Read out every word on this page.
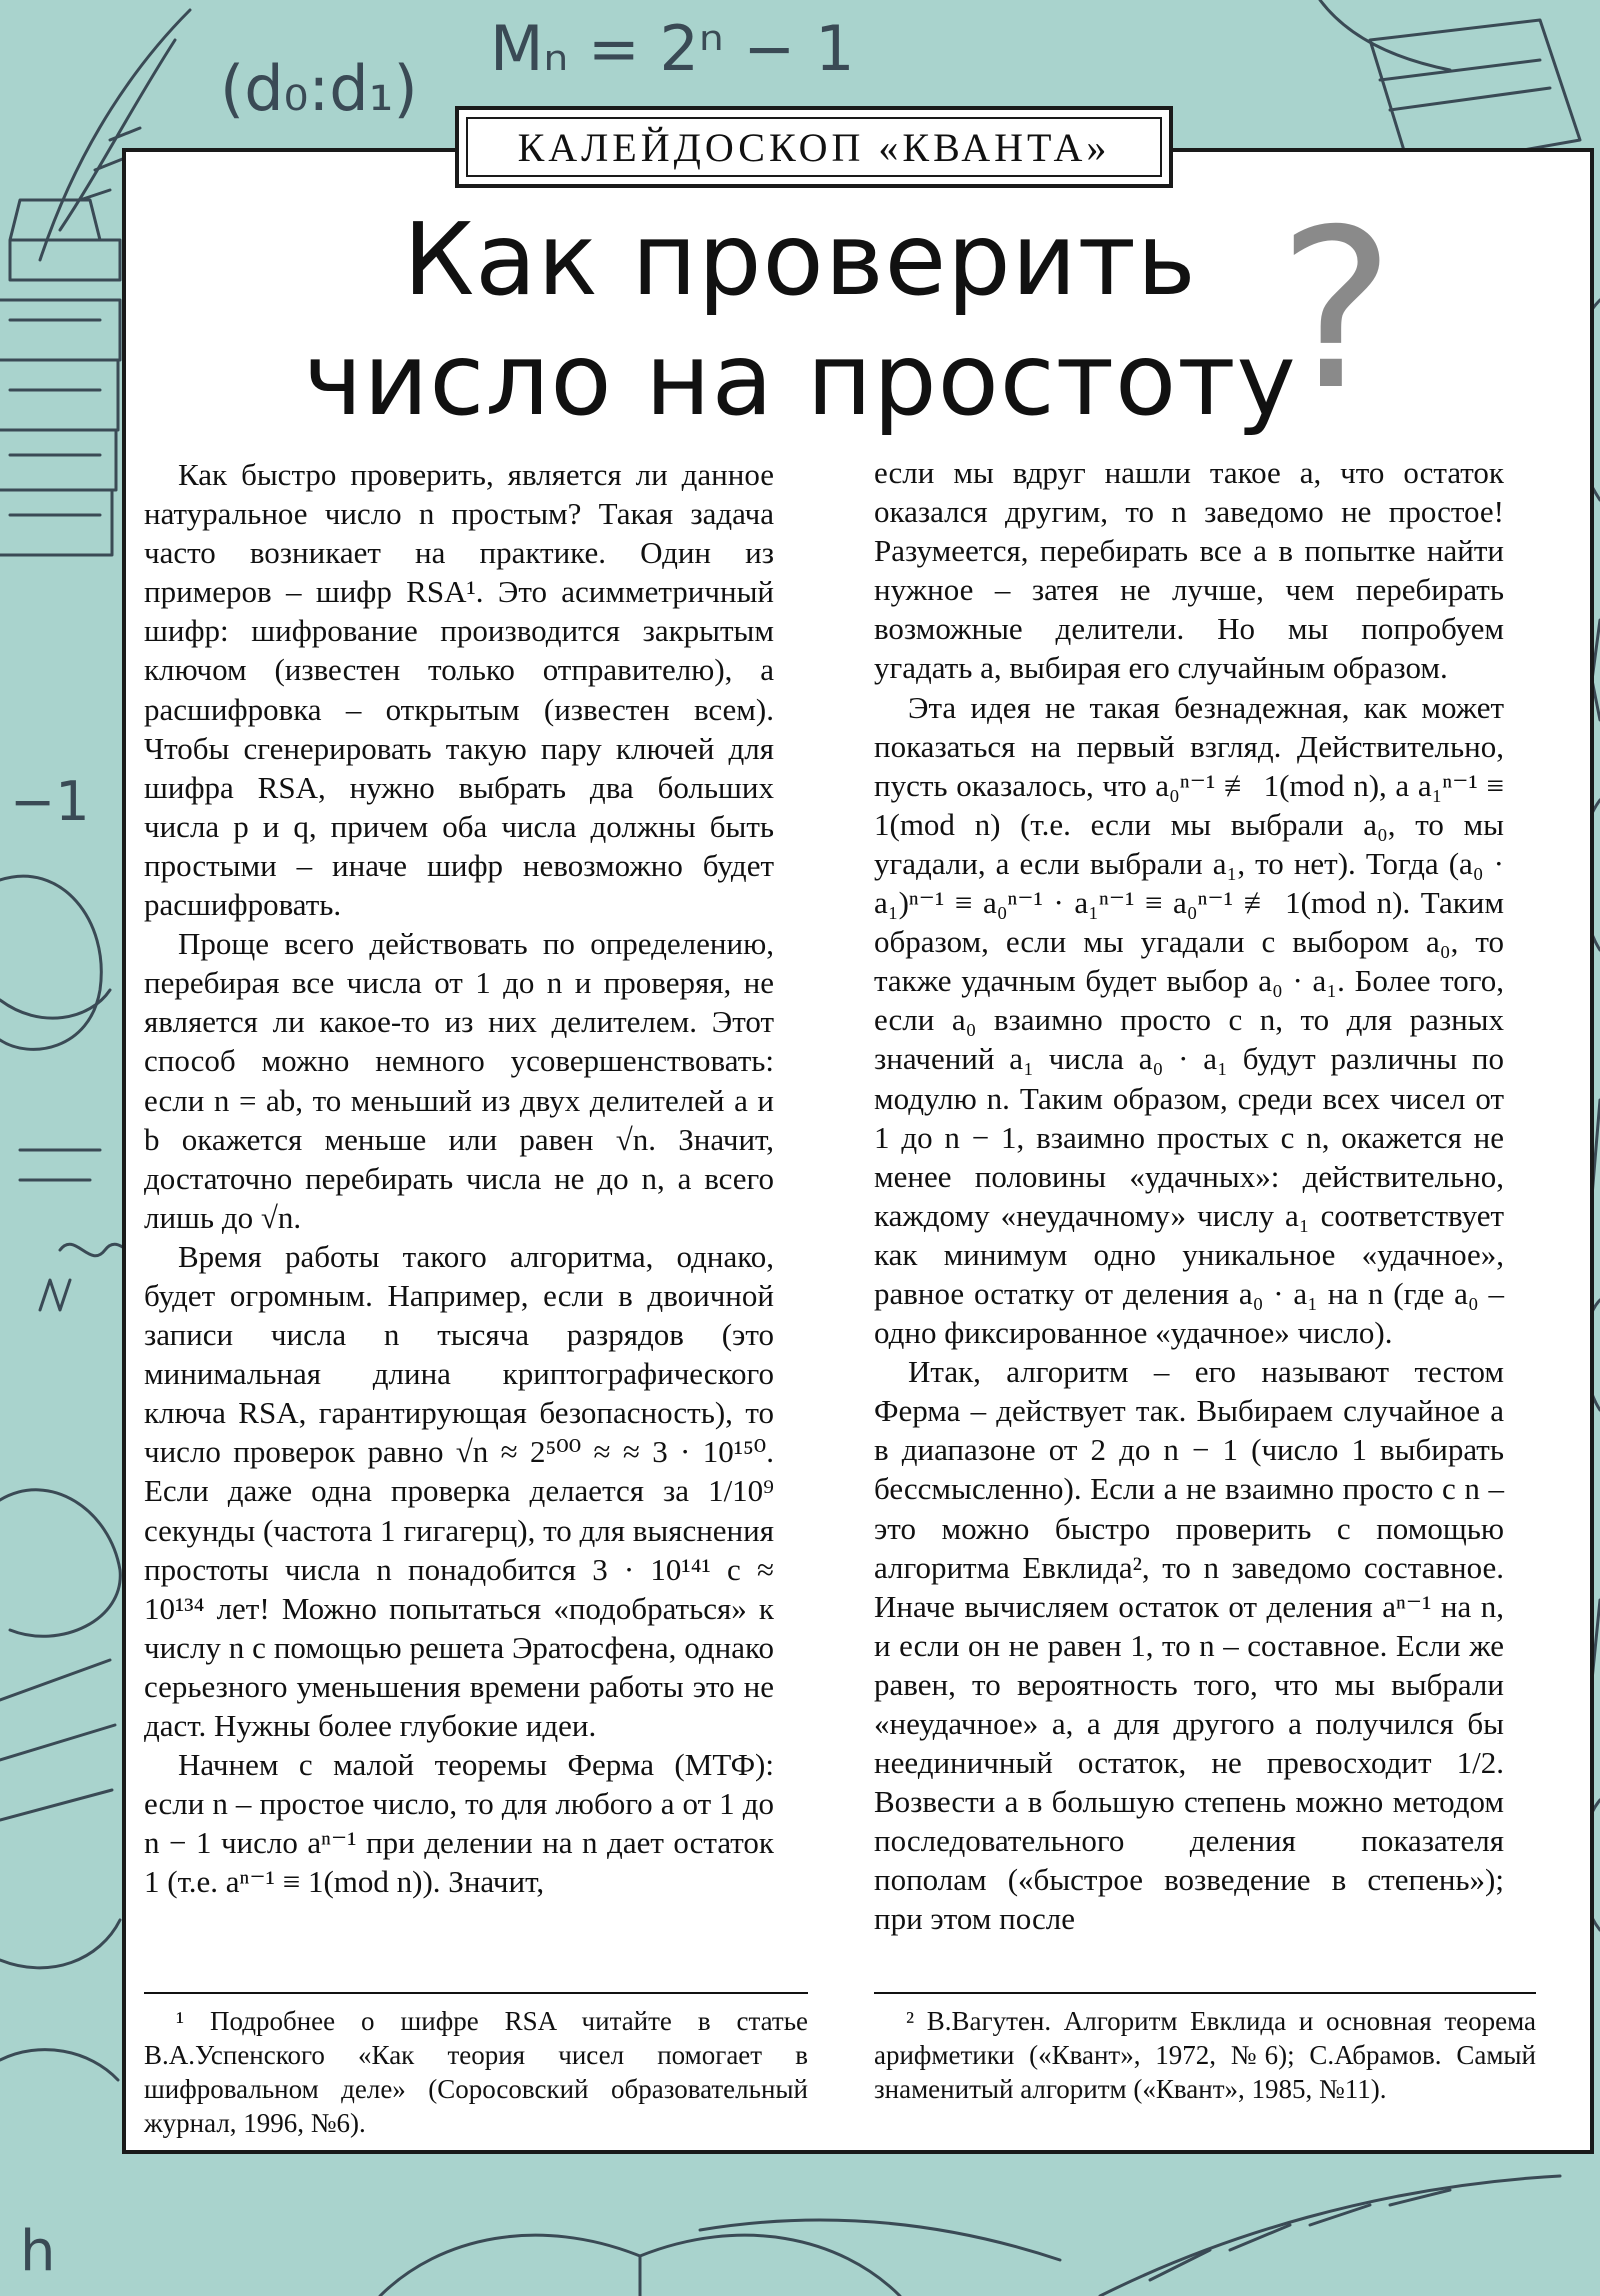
(d₀:d₁)
Mₙ = 2ⁿ − 1
−1
h
КАЛЕЙДОСКОП «КВАНТА»
Как проверить
число на простоту
?

Как быстро проверить, является ли данное натуральное число n простым? Такая задача часто возникает на практике. Один из примеров – шифр RSA¹. Это асимметричный шифр: шифрование производится закрытым ключом (известен только отправителю), а расшифровка – открытым (известен всем). Чтобы сгенерировать такую пару ключей для шифра RSA, нужно выбрать два больших числа p и q, причем оба числа должны быть простыми – иначе шифр невозможно будет расшифровать.

Проще всего действовать по определению, перебирая все числа от 1 до n и проверяя, не является ли какое-то из них делителем. Этот способ можно немного усовершенствовать: если n = ab, то меньший из двух делителей a и b окажется меньше или равен √n. Значит, достаточно перебирать числа не до n, а всего лишь до √n.

Время работы такого алгоритма, однако, будет огромным. Например, если в двоичной записи числа n тысяча разрядов (это минимальная длина криптографического ключа RSA, гарантирующая безопасность), то число проверок равно √n ≈ 2⁵⁰⁰ ≈ ≈ 3 · 10¹⁵⁰. Если даже одна проверка делается за 1/10⁹ секунды (частота 1 гигагерц), то для выяснения простоты числа n понадобится 3 · 10¹⁴¹ с ≈ 10¹³⁴ лет! Можно попытаться «подобраться» к числу n с помощью решета Эратосфена, однако серьезного уменьшения времени работы это не даст. Нужны более глубокие идеи.

Начнем с малой теоремы Ферма (МТФ): если n – простое число, то для любого a от 1 до n − 1 число aⁿ⁻¹ при делении на n дает остаток 1 (т.е. aⁿ⁻¹ ≡ 1(mod n)). Значит,

если мы вдруг нашли такое a, что остаток оказался другим, то n заведомо не простое! Разумеется, перебирать все a в попытке найти нужное – затея не лучше, чем перебирать возможные делители. Но мы попробуем угадать a, выбирая его случайным образом.

Эта идея не такая безнадежная, как может показаться на первый взгляд. Действительно, пусть оказалось, что a₀ⁿ⁻¹ ≢ 1(mod n), а a₁ⁿ⁻¹ ≡ 1(mod n) (т.е. если мы выбрали a₀, то мы угадали, а если выбрали a₁, то нет). Тогда (a₀ · a₁)ⁿ⁻¹ ≡ a₀ⁿ⁻¹ · a₁ⁿ⁻¹ ≡ a₀ⁿ⁻¹ ≢ 1(mod n). Таким образом, если мы угадали с выбором a₀, то также удачным будет выбор a₀ · a₁. Более того, если a₀ взаимно просто с n, то для разных значений a₁ числа a₀ · a₁ будут различны по модулю n. Таким образом, среди всех чисел от 1 до n − 1, взаимно простых с n, окажется не менее половины «удачных»: действительно, каждому «неудачному» числу a₁ соответствует как минимум одно уникальное «удачное», равное остатку от деления a₀ · a₁ на n (где a₀ – одно фиксированное «удачное» число).

Итак, алгоритм – его называют тестом Ферма – действует так. Выбираем случайное a в диапазоне от 2 до n − 1 (число 1 выбирать бессмысленно). Если a не взаимно просто с n – это можно быстро проверить с помощью алгоритма Евклида², то n заведомо составное. Иначе вычисляем остаток от деления aⁿ⁻¹ на n, и если он не равен 1, то n – составное. Если же равен, то вероятность того, что мы выбрали «неудачное» a, а для другого a получился бы неединичный остаток, не превосходит 1/2. Возвести a в большую степень можно методом последовательного деления показателя пополам («быстрое возведение в степень»); при этом после

¹ Подробнее о шифре RSA читайте в статье В.А.Успенского «Как теория чисел помогает в шифровальном деле» (Соросовский образовательный журнал, 1996, №6).

² В.Вагутен. Алгоритм Евклида и основная теорема арифметики («Квант», 1972, №6); С.Абрамов. Самый знаменитый алгоритм («Квант», 1985, №11).
